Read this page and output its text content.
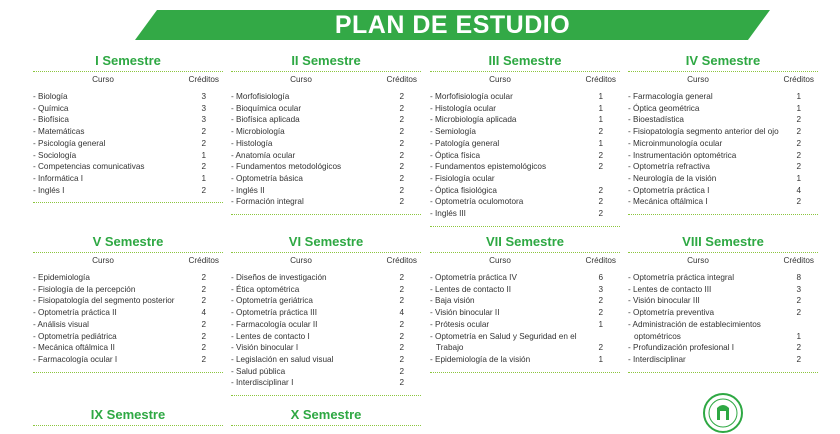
PLAN DE ESTUDIO
I Semestre
Curso	Créditos
- Biología	3
- Química	3
- Biofísica	3
- Matemáticas	2
- Psicología general	2
- Sociología	1
- Competencias comunicativas	2
- Informática I	1
- Inglés I	2
II Semestre
Curso	Créditos
- Morfofisiología	2
- Bioquímica ocular	2
- Biofísica aplicada	2
- Microbiología	2
- Histología	2
- Anatomía ocular	2
- Fundamentos metodológicos	2
- Optometría básica	2
- Inglés II	2
- Formación integral	2
III Semestre
Curso	Créditos
- Morfofisiología ocular	1
- Histología ocular	1
- Microbiología aplicada	1
- Semiología	2
- Patología general	1
- Óptica física	2
- Fundamentos epistemológicos	2
- Fisiología ocular
- Óptica fisiológica	2
- Optometría oculomotora	2
- Inglés III	2
IV Semestre
Curso	Créditos
- Farmacología general	1
- Óptica geométrica	1
- Bioestadística	2
- Fisiopatología segmento anterior del ojo	2
- Microinmunología ocular	2
- Instrumentación optométrica	2
- Optometría refractiva	2
- Neurología de la visión	1
- Optometría práctica I	4
- Mecánica oftálmica I	2
V Semestre
Curso	Créditos
- Epidemiología	2
- Fisiología de la percepción	2
- Fisiopatología del segmento posterior	2
- Optometría práctica II	4
- Análisis visual	2
- Optometría pediátrica	2
- Mecánica oftálmica II	2
- Farmacología ocular I	2
VI Semestre
Curso	Créditos
- Diseños de investigación	2
- Ética optométrica	2
- Optometría geriátrica	2
- Optometría práctica III	4
- Farmacología ocular II	2
- Lentes de contacto I	2
- Visión binocular I	2
- Legislación en salud visual	2
- Salud pública	2
- Interdisciplinar I	2
VII Semestre
Curso	Créditos
- Optometría práctica IV	6
- Lentes de contacto II	3
- Baja visión	2
- Visión binocular II	2
- Prótesis ocular	1
- Optometría en Salud y Seguridad en el Trabajo	2
- Epidemiología de la visión	1
VIII Semestre
Curso	Créditos
- Optometría práctica integral	8
- Lentes de contacto III	3
- Visión binocular III	2
- Optometría preventiva	2
- Administración de establecimientos optométricos	1
- Profundización profesional I	2
- Interdisciplinar	2
IX Semestre	X Semestre
